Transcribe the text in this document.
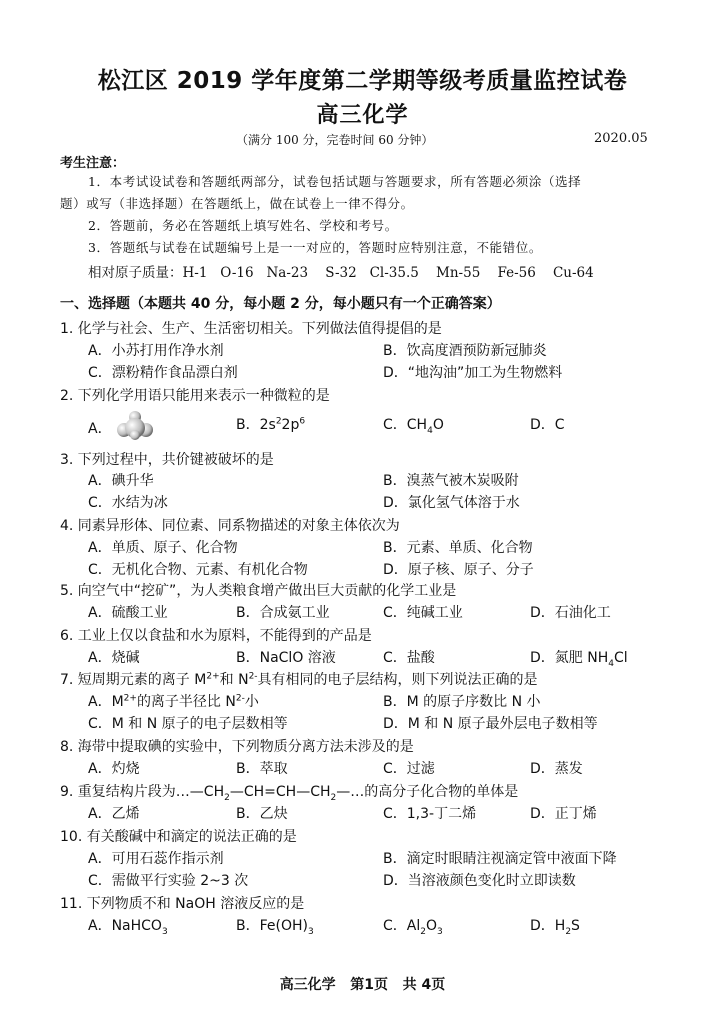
松江区 2019 学年度第二学期等级考质量监控试卷
高三化学
（满分 100 分，完卷时间 60 分钟）	2020.05
考生注意：
1．本考试设试卷和答题纸两部分，试卷包括试题与答题要求，所有答题必须涂（选择
题）或写（非选择题）在答题纸上，做在试卷上一律不得分。
2．答题前，务必在答题纸上填写姓名、学校和考号。
3．答题纸与试卷在试题编号上是一一对应的，答题时应特别注意，不能错位。
相对原子质量：H-1   O-16   Na-23    S-32   Cl-35.5    Mn-55    Fe-56    Cu-64
一、选择题（本题共 40 分，每小题 2 分，每小题只有一个正确答案）
1. 化学与社会、生产、生活密切相关。下列做法值得提倡的是
A．小苏打用作净水剂	B．饮高度酒预防新冠肺炎
C．漂粉精作食品漂白剂	D．“地沟油”加工为生物燃料
2. 下列化学用语只能用来表示一种微粒的是
A．	B．$2s^22p^6$	C．$CH_4O$	D．C
3. 下列过程中，共价键被破坏的是
A．碘升华	B．溴蒸气被木炭吸附
C．水结为冰	D．氯化氢气体溶于水
4. 同素异形体、同位素、同系物描述的对象主体依次为
A．单质、原子、化合物	B．元素、单质、化合物
C．无机化合物、元素、有机化合物	D．原子核、原子、分子
5. 向空气中“挖矿”，为人类粮食增产做出巨大贡献的化学工业是
A．硫酸工业	B．合成氨工业	C．纯碱工业	D．石油化工
6. 工业上仅以食盐和水为原料，不能得到的产品是
A．烧碱	B．NaClO 溶液	C．盐酸	D．氮肥 $NH_4Cl$
7. 短周期元素的离子 $M^{2+}$和 $N^{2-}$具有相同的电子层结构，则下列说法正确的是
A．$M^{2+}$的离子半径比 $N^{2-}$小	B．M 的原子序数比 N 小
C．M 和 N 原子的电子层数相等	D．M 和 N 原子最外层电子数相等
8. 海带中提取碘的实验中，下列物质分离方法未涉及的是
A．灼烧	B．萃取	C．过滤	D．蒸发
9. 重复结构片段为$\dots—CH_2—CH=CH—CH_2—\dots$的高分子化合物的单体是
A．乙烯	B．乙炔	C．1,3-丁二烯	D．正丁烯
10. 有关酸碱中和滴定的说法正确的是
A．可用石蕊作指示剂	B．滴定时眼睛注视滴定管中液面下降
C．需做平行实验 2~3 次	D．当溶液颜色变化时立即读数
11. 下列物质不和 NaOH 溶液反应的是
A．NaHCO$_3$	B．$Fe(OH)_3$	C．$Al_2O_3$	D．$H_2S$
高三化学   第1页   共 4页
